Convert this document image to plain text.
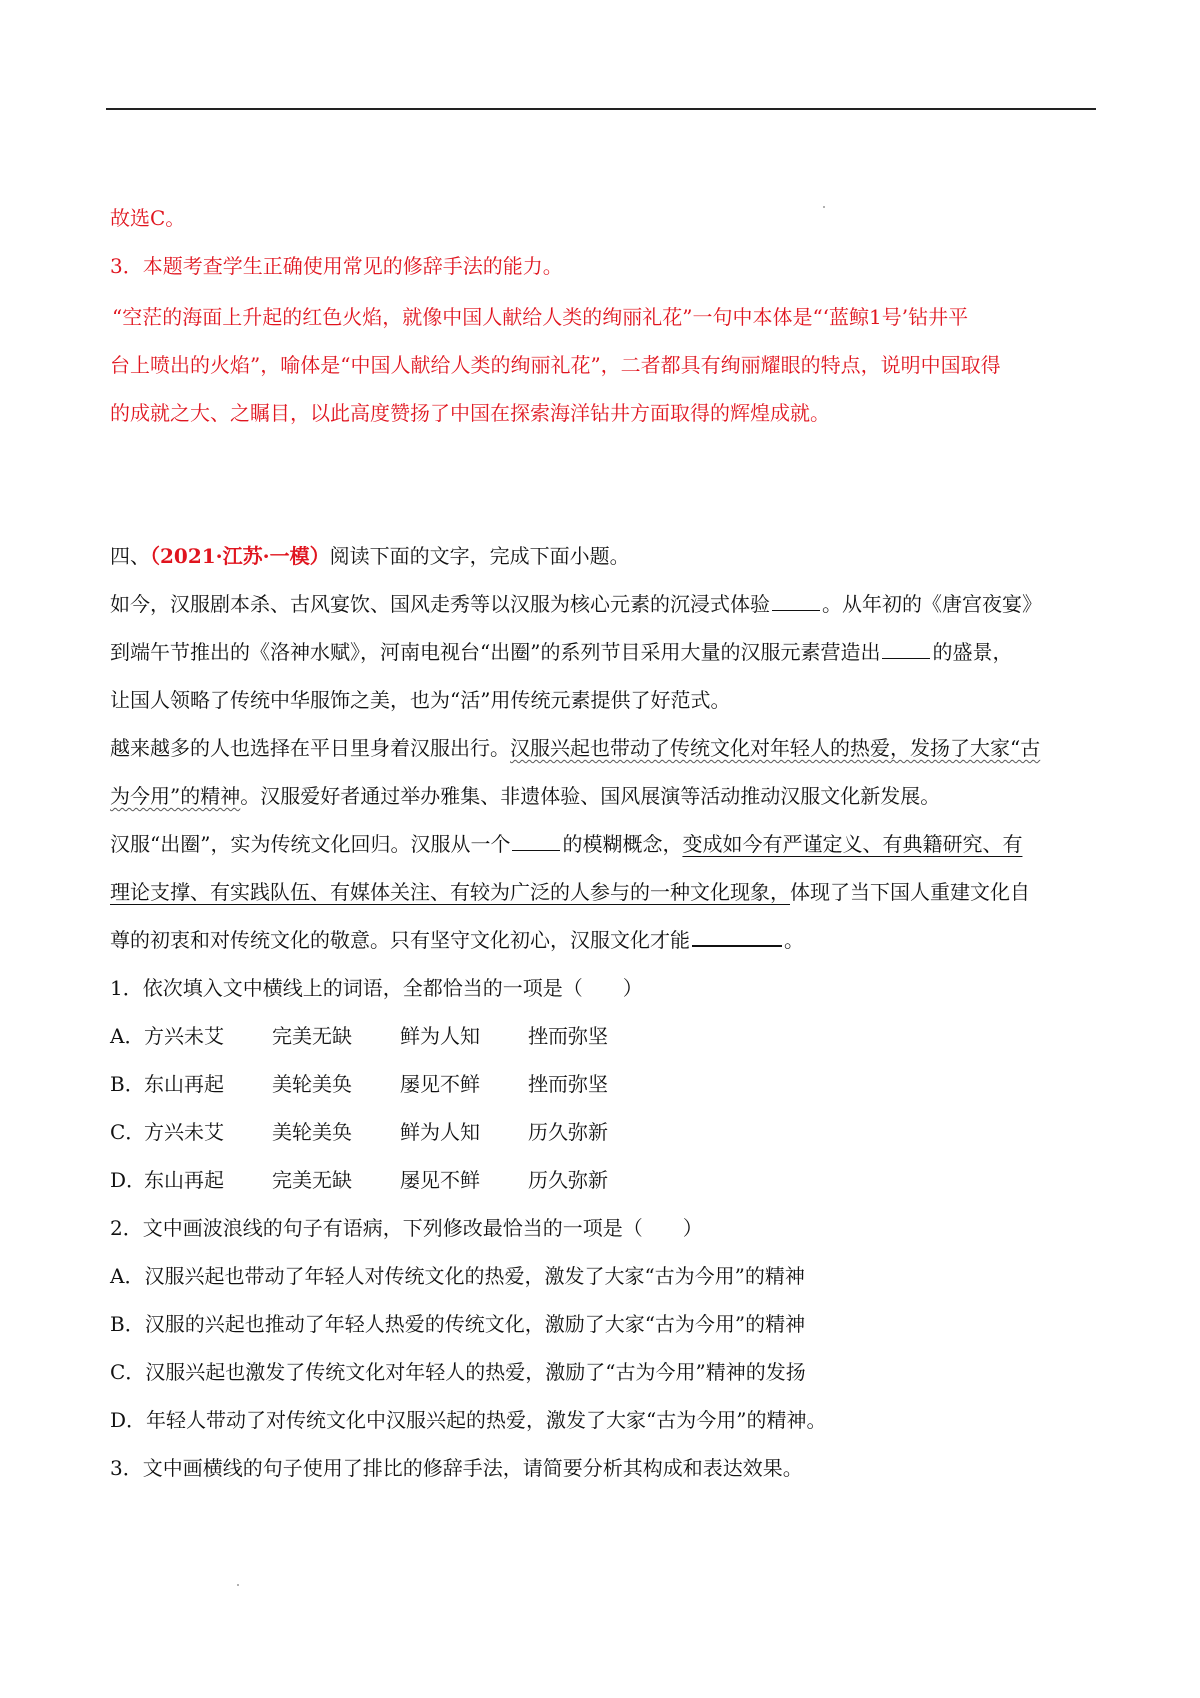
故选C。
3．本题考查学生正确使用常见的修辞手法的能力。
“空茫的海面上升起的红色火焰，就像中国人献给人类的绚丽礼花”一句中本体是“‘蓝鲸1号’钻井平
台上喷出的火焰”，喻体是“中国人献给人类的绚丽礼花”，二者都具有绚丽耀眼的特点，说明中国取得
的成就之大、之瞩目，以此高度赞扬了中国在探索海洋钻井方面取得的辉煌成就。
四、（2021·江苏·一模）阅读下面的文字，完成下面小题。
如今，汉服剧本杀、古风宴饮、国风走秀等以汉服为核心元素的沉浸式体验	。从年初的《唐宫夜宴》
到端午节推出的《洛神水赋》，河南电视台“出圈”的系列节目采用大量的汉服元素营造出	的盛景，
让国人领略了传统中华服饰之美，也为“活”用传统元素提供了好范式。
越来越多的人也选择在平日里身着汉服出行。汉服兴起也带动了传统文化对年轻人的热爱，发扬了大家“古
为今用”的精神。汉服爱好者通过举办雅集、非遗体验、国风展演等活动推动汉服文化新发展。
汉服“出圈”，实为传统文化回归。汉服从一个	的模糊概念，变成如今有严谨定义、有典籍研究、有
理论支撑、有实践队伍、有媒体关注、有较为广泛的人参与的一种文化现象，体现了当下国人重建文化自
尊的初衷和对传统文化的敬意。只有坚守文化初心，汉服文化才能	。
1．依次填入文中横线上的词语，全都恰当的一项是（　　）
A．方兴未艾 完美无缺 鲜为人知 挫而弥坚
B．东山再起 美轮美奂 屡见不鲜 挫而弥坚
C．方兴未艾 美轮美奂 鲜为人知 历久弥新
D．东山再起 完美无缺 屡见不鲜 历久弥新
2．文中画波浪线的句子有语病，下列修改最恰当的一项是（　　）
A．汉服兴起也带动了年轻人对传统文化的热爱，激发了大家“古为今用”的精神
B．汉服的兴起也推动了年轻人热爱的传统文化，激励了大家“古为今用”的精神
C．汉服兴起也激发了传统文化对年轻人的热爱，激励了“古为今用”精神的发扬
D．年轻人带动了对传统文化中汉服兴起的热爱，激发了大家“古为今用”的精神。
3．文中画横线的句子使用了排比的修辞手法，请简要分析其构成和表达效果。
